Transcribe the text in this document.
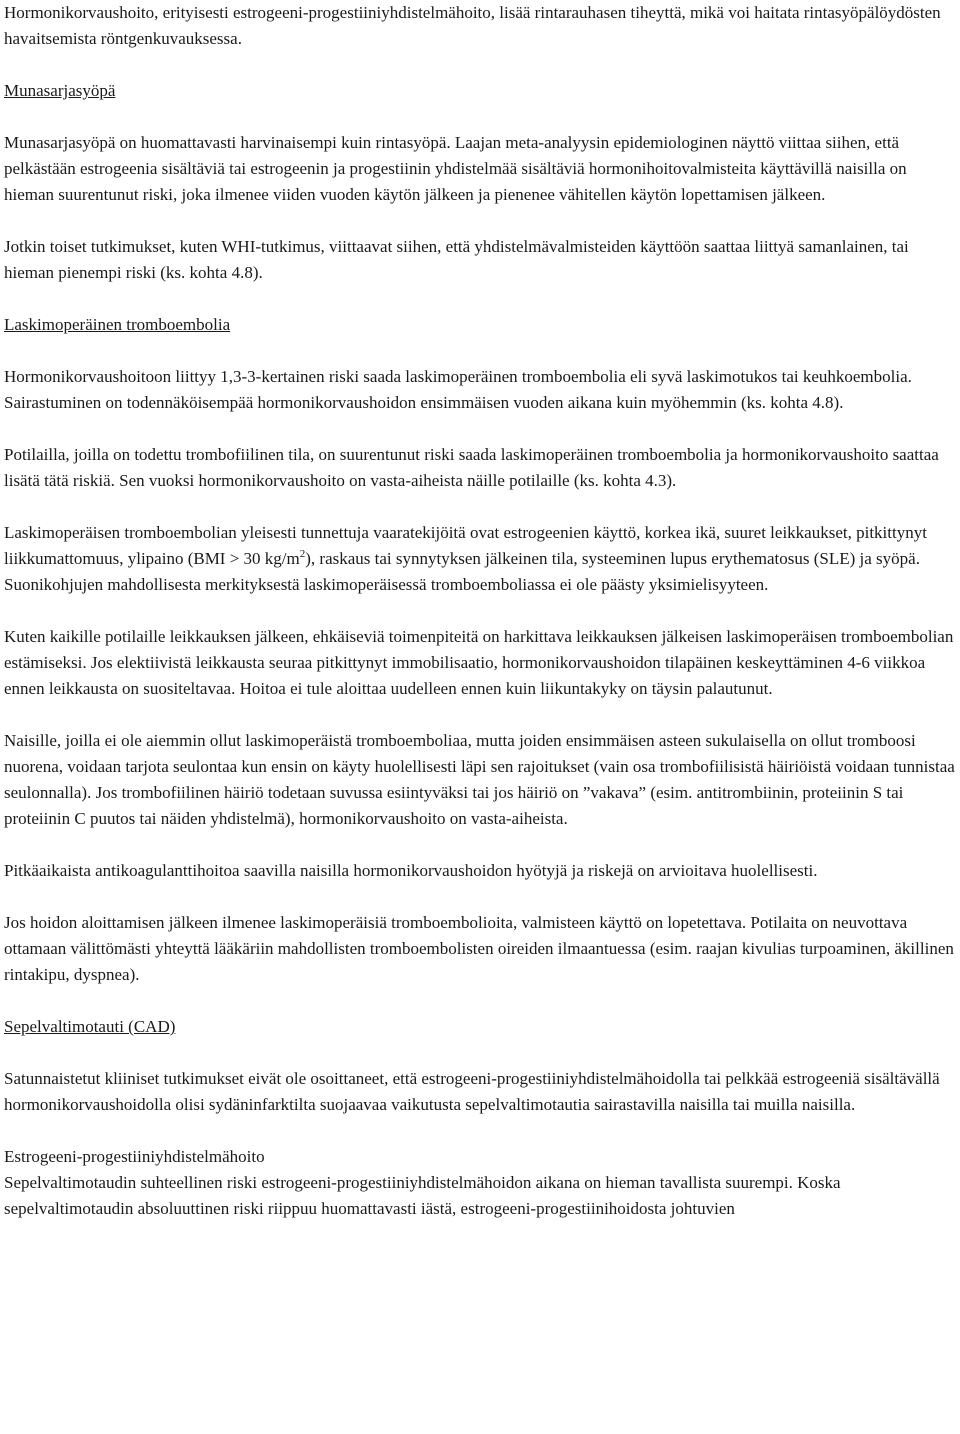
Hormonikorvaushoito, erityisesti estrogeeni-progestiiniyhdistelmähoito, lisää rintarauhasen tiheyttä, mikä voi haitata rintasyöpälöydösten havaitsemista röntgenkuvauksessa.

Munasarjasyöpä

Munasarjasyöpä on huomattavasti harvinaisempi kuin rintasyöpä. Laajan meta-analyysin epidemiologinen näyttö viittaa siihen, että pelkästään estrogeenia sisältäviä tai estrogeenin ja progestiinin yhdistelmää sisältäviä hormonihoitovalmisteita käyttävillä naisilla on hieman suurentunut riski, joka ilmenee viiden vuoden käytön jälkeen ja pienenee vähitellen käytön lopettamisen jälkeen.

Jotkin toiset tutkimukset, kuten WHI-tutkimus, viittaavat siihen, että yhdistelmävalmisteiden käyttöön saattaa liittyä samanlainen, tai hieman pienempi riski (ks. kohta 4.8).

Laskimoperäinen tromboembolia

Hormonikorvaushoitoon liittyy 1,3-3-kertainen riski saada laskimoperäinen tromboembolia eli syvä laskimotukos tai keuhkoembolia. Sairastuminen on todennäköisempää hormonikorvaushoidon ensimmäisen vuoden aikana kuin myöhemmin (ks. kohta 4.8).

Potilailla, joilla on todettu trombofiilinen tila, on suurentunut riski saada laskimoperäinen tromboembolia ja hormonikorvaushoito saattaa lisätä tätä riskiä. Sen vuoksi hormonikorvaushoito on vasta-aiheista näille potilaille (ks. kohta 4.3).

Laskimoperäisen tromboembolian yleisesti tunnettuja vaaratekijöitä ovat estrogeenien käyttö, korkea ikä, suuret leikkaukset, pitkittynyt liikkumattomuus, ylipaino (BMI > 30 $kg/m^2$), raskaus tai synnytyksen jälkeinen tila, systeeminen lupus erythematosus (SLE) ja syöpä. Suonikohjujen mahdollisesta merkityksestä laskimoperäisessä tromboemboliassa ei ole päästy yksimielisyyteen.

Kuten kaikille potilaille leikkauksen jälkeen, ehkäiseviä toimenpiteitä on harkittava leikkauksen jälkeisen laskimoperäisen tromboembolian estämiseksi. Jos elektiivistä leikkausta seuraa pitkittynyt immobilisaatio, hormonikorvaushoidon tilapäinen keskeyttäminen 4-6 viikkoa ennen leikkausta on suositeltavaa. Hoitoa ei tule aloittaa uudelleen ennen kuin liikuntakyky on täysin palautunut.

Naisille, joilla ei ole aiemmin ollut laskimoperäistä tromboemboliaa, mutta joiden ensimmäisen asteen sukulaisella on ollut tromboosi nuorena, voidaan tarjota seulontaa kun ensin on käyty huolellisesti läpi sen rajoitukset (vain osa trombofiilisistä häiriöistä voidaan tunnistaa seulonnalla). Jos trombofiilinen häiriö todetaan suvussa esiintyväksi tai jos häiriö on ”vakava” (esim. antitrombiinin, proteiinin S tai proteiinin C puutos tai näiden yhdistelmä), hormonikorvaushoito on vasta-aiheista.

Pitkäaikaista antikoagulanttihoitoa saavilla naisilla hormonikorvaushoidon hyötyjä ja riskejä on arvioitava huolellisesti.

Jos hoidon aloittamisen jälkeen ilmenee laskimoperäisiä tromboembolioita, valmisteen käyttö on lopetettava. Potilaita on neuvottava ottamaan välittömästi yhteyttä lääkäriin mahdollisten tromboembolisten oireiden ilmaantuessa (esim. raajan kivulias turpoaminen, äkillinen rintakipu, dyspnea).

Sepelvaltimotauti (CAD)

Satunnaistetut kliiniset tutkimukset eivät ole osoittaneet, että estrogeeni-progestiiniyhdistelmähoidolla tai pelkkää estrogeeniä sisältävällä hormonikorvaushoidolla olisi sydäninfarktilta suojaavaa vaikutusta sepelvaltimotautia sairastavilla naisilla tai muilla naisilla.

Estrogeeni-progestiiniyhdistelmähoito

Sepelvaltimotaudin suhteellinen riski estrogeeni-progestiiniyhdistelmähoidon aikana on hieman tavallista suurempi. Koska sepelvaltimotaudin absoluuttinen riski riippuu huomattavasti iästä, estrogeeni-progestiinihoidosta johtuvien
